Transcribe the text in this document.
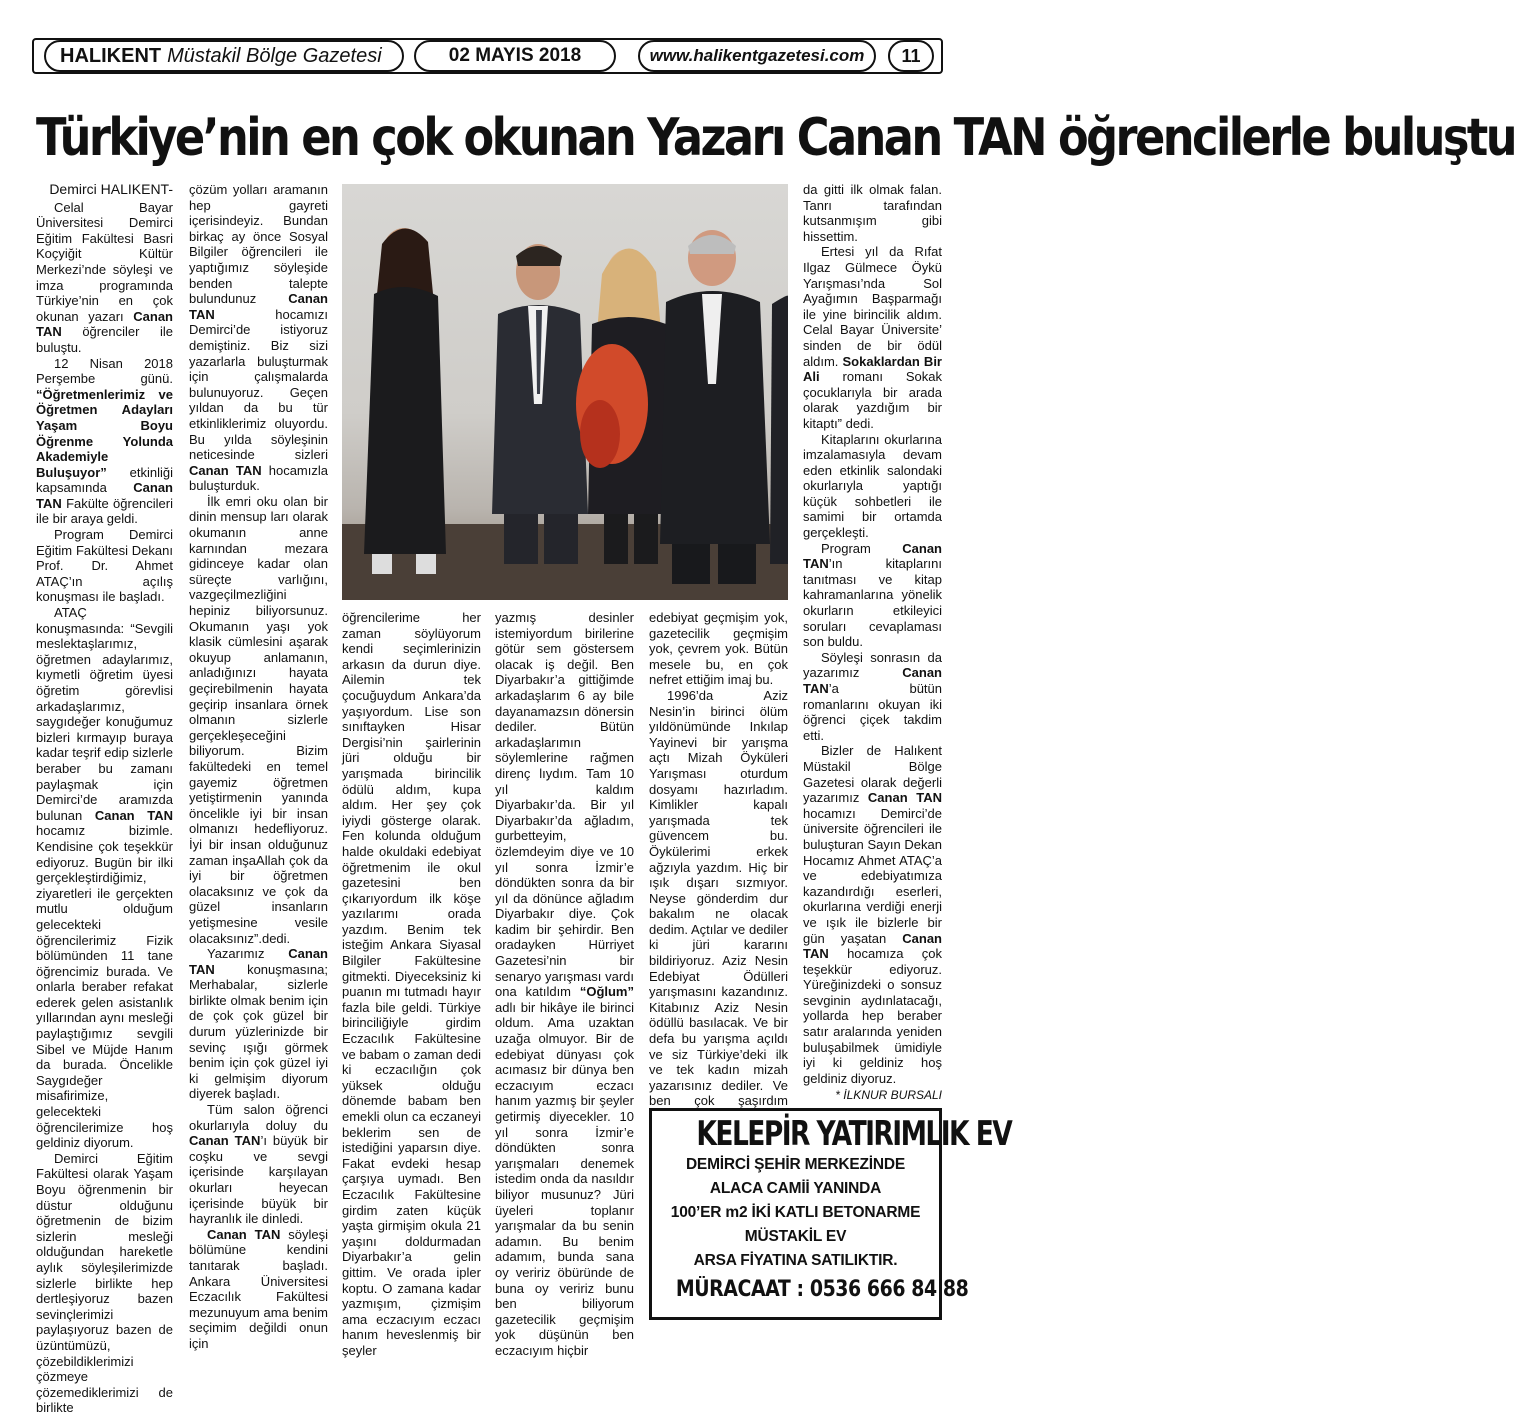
HALIKENT Müstakil Bölge Gazetesi	02 MAYIS 2018	www.halikentgazetesi.com	11
Türkiye’nin en çok okunan Yazarı Canan TAN öğrencilerle buluştu
Demirci HALIKENT-

Celal Bayar Üniversitesi Demirci Eğitim Fakültesi Basri Koçyiğit Kültür Merkezi’nde söyleşi ve imza programında Türkiye’nin en çok okunan yazarı Canan TAN öğrenciler ile buluştu.

12 Nisan 2018 Perşembe günü. “Öğretmenlerimiz ve Öğretmen Adayları Yaşam Boyu Öğrenme Yolunda Akademiyle Buluşuyor” etkinliği kapsamında Canan TAN Fakülte öğrencileri ile bir araya geldi.

Program Demirci Eğitim Fakültesi Dekanı Prof. Dr. Ahmet ATAÇ’ın açılış konuşması ile başladı.

ATAÇ konuşmasında: “Sevgili meslektaşlarımız, öğretmen adaylarımız, kıymetli öğretim üyesi öğretim görevlisi arkadaşlarımız, saygıdeğer konuğumuz bizleri kırmayıp buraya kadar teşrif edip sizlerle beraber bu zamanı paylaşmak için Demirci’de aramızda bulunan Canan TAN hocamız bizimle. Kendisine çok teşekkür ediyoruz. Bugün bir ilki gerçekleştirdiğimiz, ziyaretleri ile gerçekten mutlu olduğum gelecekteki öğrencilerimiz Fizik bölümünden 11 tane öğrencimiz burada. Ve onlarla beraber refakat ederek gelen asistanlık yıllarından aynı mesleği paylaştığımız sevgili Sibel ve Müjde Hanım da burada. Öncelikle Saygıdeğer misafirimize, gelecekteki öğrencilerimize hoş geldiniz diyorum.

Demirci Eğitim Fakültesi olarak Yaşam Boyu öğrenmenin bir düstur olduğunu öğretmenin de bizim sizlerin mesleği olduğundan hareketle aylık söyleşilerimizde sizlerle birlikte hep dertleşiyoruz bazen sevinçlerimizi paylaşıyoruz bazen de üzüntümüzü, çözebildiklerimizi çözmeye çözemediklerimizi de birlikte

çözüm yolları aramanın hep gayreti içerisindeyiz. Bundan birkaç ay önce Sosyal Bilgiler öğrencileri ile yaptığımız söyleşide benden talepte bulundunuz Canan TAN hocamızı Demirci’de istiyoruz demiştiniz. Biz sizi yazarlarla buluşturmak için çalışmalarda bulunuyoruz. Geçen yıldan da bu tür etkinliklerimiz oluyordu. Bu yılda söyleşinin neticesinde sizleri Canan TAN hocamızla buluşturduk.

İlk emri oku olan bir dinin mensup ları olarak okumanın anne karnından mezara gidinceye kadar olan süreçte varlığını, vazgeçilmezliğini hepiniz biliyorsunuz. Okumanın yaşı yok klasik cümlesini aşarak okuyup anlamanın, anladığınızı hayata geçirebilmenin hayata geçirip insanlara örnek olmanın sizlerle gerçekleşeceğini biliyorum. Bizim fakültedeki en temel gayemiz öğretmen yetiştirmenin yanında öncelikle iyi bir insan olmanızı hedefliyoruz. İyi bir insan olduğunuz zaman inşaAllah çok da iyi bir öğretmen olacaksınız ve çok da güzel insanların yetişmesine vesile olacaksınız”.dedi.

Yazarımız Canan TAN konuşmasına; Merhabalar, sizlerle birlikte olmak benim için de çok çok güzel bir durum yüzlerinizde bir sevinç ışığı görmek benim için çok güzel iyi ki gelmişim diyorum diyerek başladı.

Tüm salon öğrenci okurlarıyla doluy du Canan TAN’ı büyük bir coşku ve sevgi içerisinde karşılayan okurları heyecan içerisinde büyük bir hayranlık ile dinledi.

Canan TAN söyleşi bölümüne kendini tanıtarak başladı. Ankara Üniversitesi Eczacılık Fakültesi mezunuyum ama benim seçimim değildi onun için

öğrencilerime her zaman söylüyorum kendi seçimlerinizin arkasın da durun diye. Ailemin tek çocuğuydum Ankara’da yaşıyordum. Lise son sınıftayken Hisar Dergisi’nin şairlerinin jüri olduğu bir yarışmada birincilik ödülü aldım, kupa aldım. Her şey çok iyiydi gösterge olarak. Fen kolunda olduğum halde okuldaki edebiyat öğretmenim ile okul gazetesini ben çıkarıyordum ilk köşe yazılarımı orada yazdım. Benim tek isteğim Ankara Siyasal Bilgiler Fakültesine gitmekti. Diyeceksiniz ki puanın mı tutmadı hayır fazla bile geldi. Türkiye birinciliğiyle girdim Eczacılık Fakültesine ve babam o zaman dedi ki eczacılığın çok yüksek olduğu dönemde babam ben emekli olun ca eczaneyi beklerim sen de istediğini yaparsın diye. Fakat evdeki hesap çarşıya uymadı. Ben Eczacılık Fakültesine girdim zaten küçük yaşta girmişim okula 21 yaşını doldurmadan Diyarbakır’a gelin gittim. Ve orada ipler koptu. O zamana kadar yazmışım, çizmişim ama eczacıyım eczacı hanım heveslenmiş bir şeyler

yazmış desinler istemiyordum birilerine götür sem göstersem olacak iş değil. Ben Diyarbakır’a gittiğimde arkadaşlarım 6 ay bile dayanamazsın dönersin dediler. Bütün arkadaşlarımın söylemlerine rağmen direnç lıydım. Tam 10 yıl kaldım Diyarbakır’da. Bir yıl Diyarbakır’da ağladım, gurbetteyim, özlemdeyim diye ve 10 yıl sonra İzmir’e döndükten sonra da bir yıl da dönünce ağladım Diyarbakır diye. Çok kadim bir şehirdir. Ben oradayken Hürriyet Gazetesi’nin bir senaryo yarışması vardı ona katıldım “Oğlum” adlı bir hikâye ile birinci oldum. Ama uzaktan uzağa olmuyor. Bir de edebiyat dünyası çok acımasız bir dünya ben eczacıyım eczacı hanım yazmış bir şeyler getirmiş diyecekler. 10 yıl sonra İzmir’e döndükten sonra yarışmaları denemek istedim onda da nasıldır biliyor musunuz? Jüri üyeleri toplanır yarışmalar da bu senin adamın. Bu benim adamım, bunda sana oy veririz öbüründe de buna oy veririz bunu ben biliyorum gazetecilik geçmişim yok düşünün ben eczacıyım hiçbir

edebiyat geçmişim yok, gazetecilik geçmişim yok, çevrem yok. Bütün mesele bu, en çok nefret ettiğim imaj bu.

1996’da Aziz Nesin’in birinci ölüm yıldönümünde Inkılap Yayinevi bir yarışma açtı Mizah Öyküleri Yarışması oturdum dosyamı hazırladım. Kimlikler kapalı yarışmada tek güvencem bu. Öykülerimi erkek ağzıyla yazdım. Hiç bir ışık dışarı sızmıyor. Neyse gönderdim dur bakalım ne olacak dedim. Açtılar ve dediler ki jüri kararını bildiriyoruz. Aziz Nesin Edebiyat Ödülleri yarışmasını kazandınız. Kitabınız Aziz Nesin ödüllü basılacak. Ve bir defa bu yarışma açıldı ve siz Türkiye’deki ilk ve tek kadın mizah yazarısınız dediler. Ve ben çok şaşırdım

da gitti ilk olmak falan. Tanrı tarafından kutsanmışım gibi hissettim.

Ertesi yıl da Rıfat Ilgaz Gülmece Öykü Yarışması’nda Sol Ayağımın Başparmağı ile yine birincilik aldım. Celal Bayar Üniversite’ sinden de bir ödül aldım. Sokaklardan Bir Ali romanı Sokak çocuklarıyla bir arada olarak yazdığım bir kitaptı” dedi.

Kitaplarını okurlarına imzalamasıyla devam eden etkinlik salondaki okurlarıyla yaptığı küçük sohbetleri ile samimi bir ortamda gerçekleşti.

Program Canan TAN’ın kitaplarını tanıtması ve kitap kahramanlarına yönelik okurların etkileyici soruları cevaplaması son buldu.

Söyleşi sonrasın da yazarımız Canan TAN’a bütün romanlarını okuyan iki öğrenci çiçek takdim etti.

Bizler de Halıkent Müstakil Bölge Gazetesi olarak değerli yazarımız Canan TAN hocamızı Demirci’de üniversite öğrencileri ile buluşturan Sayın Dekan Hocamız Ahmet ATAÇ’a ve edebiyatımıza kazandırdığı eserleri, okurlarına verdiği enerji ve ışık ile bizlerle bir gün yaşatan Canan TAN hocamıza çok teşekkür ediyoruz. Yüreğinizdeki o sonsuz sevginin aydınlatacağı, yollarda hep beraber satır aralarında yeniden buluşabilmek ümidiyle iyi ki geldiniz hoş geldiniz diyoruz.

* İLKNUR BURSALI
KELEPİR YATIRIMLIK EV
DEMİRCİ ŞEHİR MERKEZİNDE
ALACA CAMİİ YANINDA
100’ER m2 İKİ KATLI BETONARME
MÜSTAKİL EV
ARSA FİYATINA SATILIKTIR.
MÜRACAAT : 0536 666 84 88
